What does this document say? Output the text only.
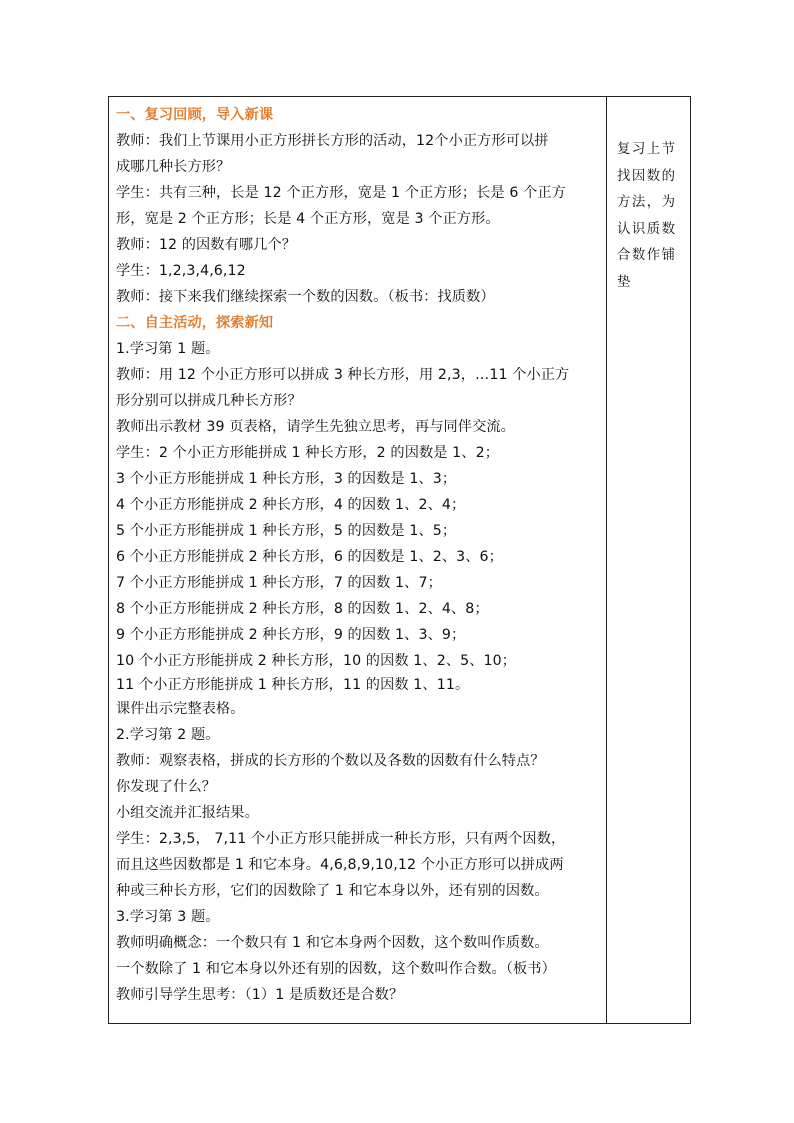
一、复习回顾，导入新课
教师：我们上节课用小正方形拼长方形的活动，12个小正方形可以拼
成哪几种长方形？
学生：共有三种，长是 12 个正方形，宽是 1 个正方形；长是 6 个正方
形，宽是 2 个正方形；长是 4 个正方形，宽是 3 个正方形。
教师：12 的因数有哪几个？
学生：1,2,3,4,6,12
教师：接下来我们继续探索一个数的因数。（板书：找质数）
二、自主活动，探索新知
1.学习第 1 题。
教师：用 12 个小正方形可以拼成 3 种长方形，用 2,3，…11 个小正方
形分别可以拼成几种长方形？
教师出示教材 39 页表格，请学生先独立思考，再与同伴交流。
学生：2 个小正方形能拼成 1 种长方形，2 的因数是 1、2；
3 个小正方形能拼成 1 种长方形，3 的因数是 1、3；
4 个小正方形能拼成 2 种长方形，4 的因数 1、2、4；
5 个小正方形能拼成 1 种长方形，5 的因数是 1、5；
6 个小正方形能拼成 2 种长方形，6 的因数是 1、2、3、6；
7 个小正方形能拼成 1 种长方形，7 的因数 1、7；
8 个小正方形能拼成 2 种长方形，8 的因数 1、2、4、8；
9 个小正方形能拼成 2 种长方形，9 的因数 1、3、9；
10 个小正方形能拼成 2 种长方形，10 的因数 1、2、5、10；
11 个小正方形能拼成 1 种长方形，11 的因数 1、11。
课件出示完整表格。
2.学习第 2 题。
教师：观察表格，拼成的长方形的个数以及各数的因数有什么特点？
你发现了什么？
小组交流并汇报结果。
学生：2,3,5， 7,11 个小正方形只能拼成一种长方形，只有两个因数，
而且这些因数都是 1 和它本身。4,6,8,9,10,12 个小正方形可以拼成两
种或三种长方形，它们的因数除了 1 和它本身以外，还有别的因数。
3.学习第 3 题。
教师明确概念：一个数只有 1 和它本身两个因数，这个数叫作质数。
一个数除了 1 和它本身以外还有别的因数，这个数叫作合数。（板书）
教师引导学生思考：（1）1 是质数还是合数？
复习上节
找因数的
方法，为
认识质数
合数作铺
垫
